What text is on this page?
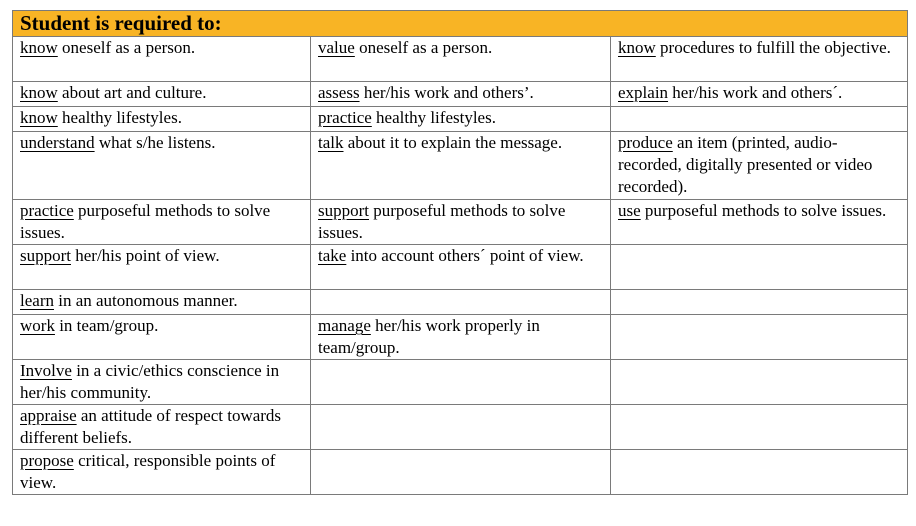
Student is required to:		
know oneself as a person.	value oneself as a person.	know procedures to fulfill the objective.
know about art and culture.	assess her/his work and others’.	explain her/his work and others´.
know healthy lifestyles.	practice healthy lifestyles.	
understand what s/he listens.	talk about it to explain the message.	produce an item (printed, audio-recorded, digitally presented or video recorded).
practice purposeful methods to solve issues.	support purposeful methods to solve issues.	use purposeful methods to solve issues.
support her/his point of view.	take into account others´ point of view.	
learn in an autonomous manner.		
work in team/group.	manage her/his work properly in team/group.	
Involve in a civic/ethics conscience in her/his community.		
appraise an attitude of respect towards different beliefs.		
propose critical, responsible points of view.		
